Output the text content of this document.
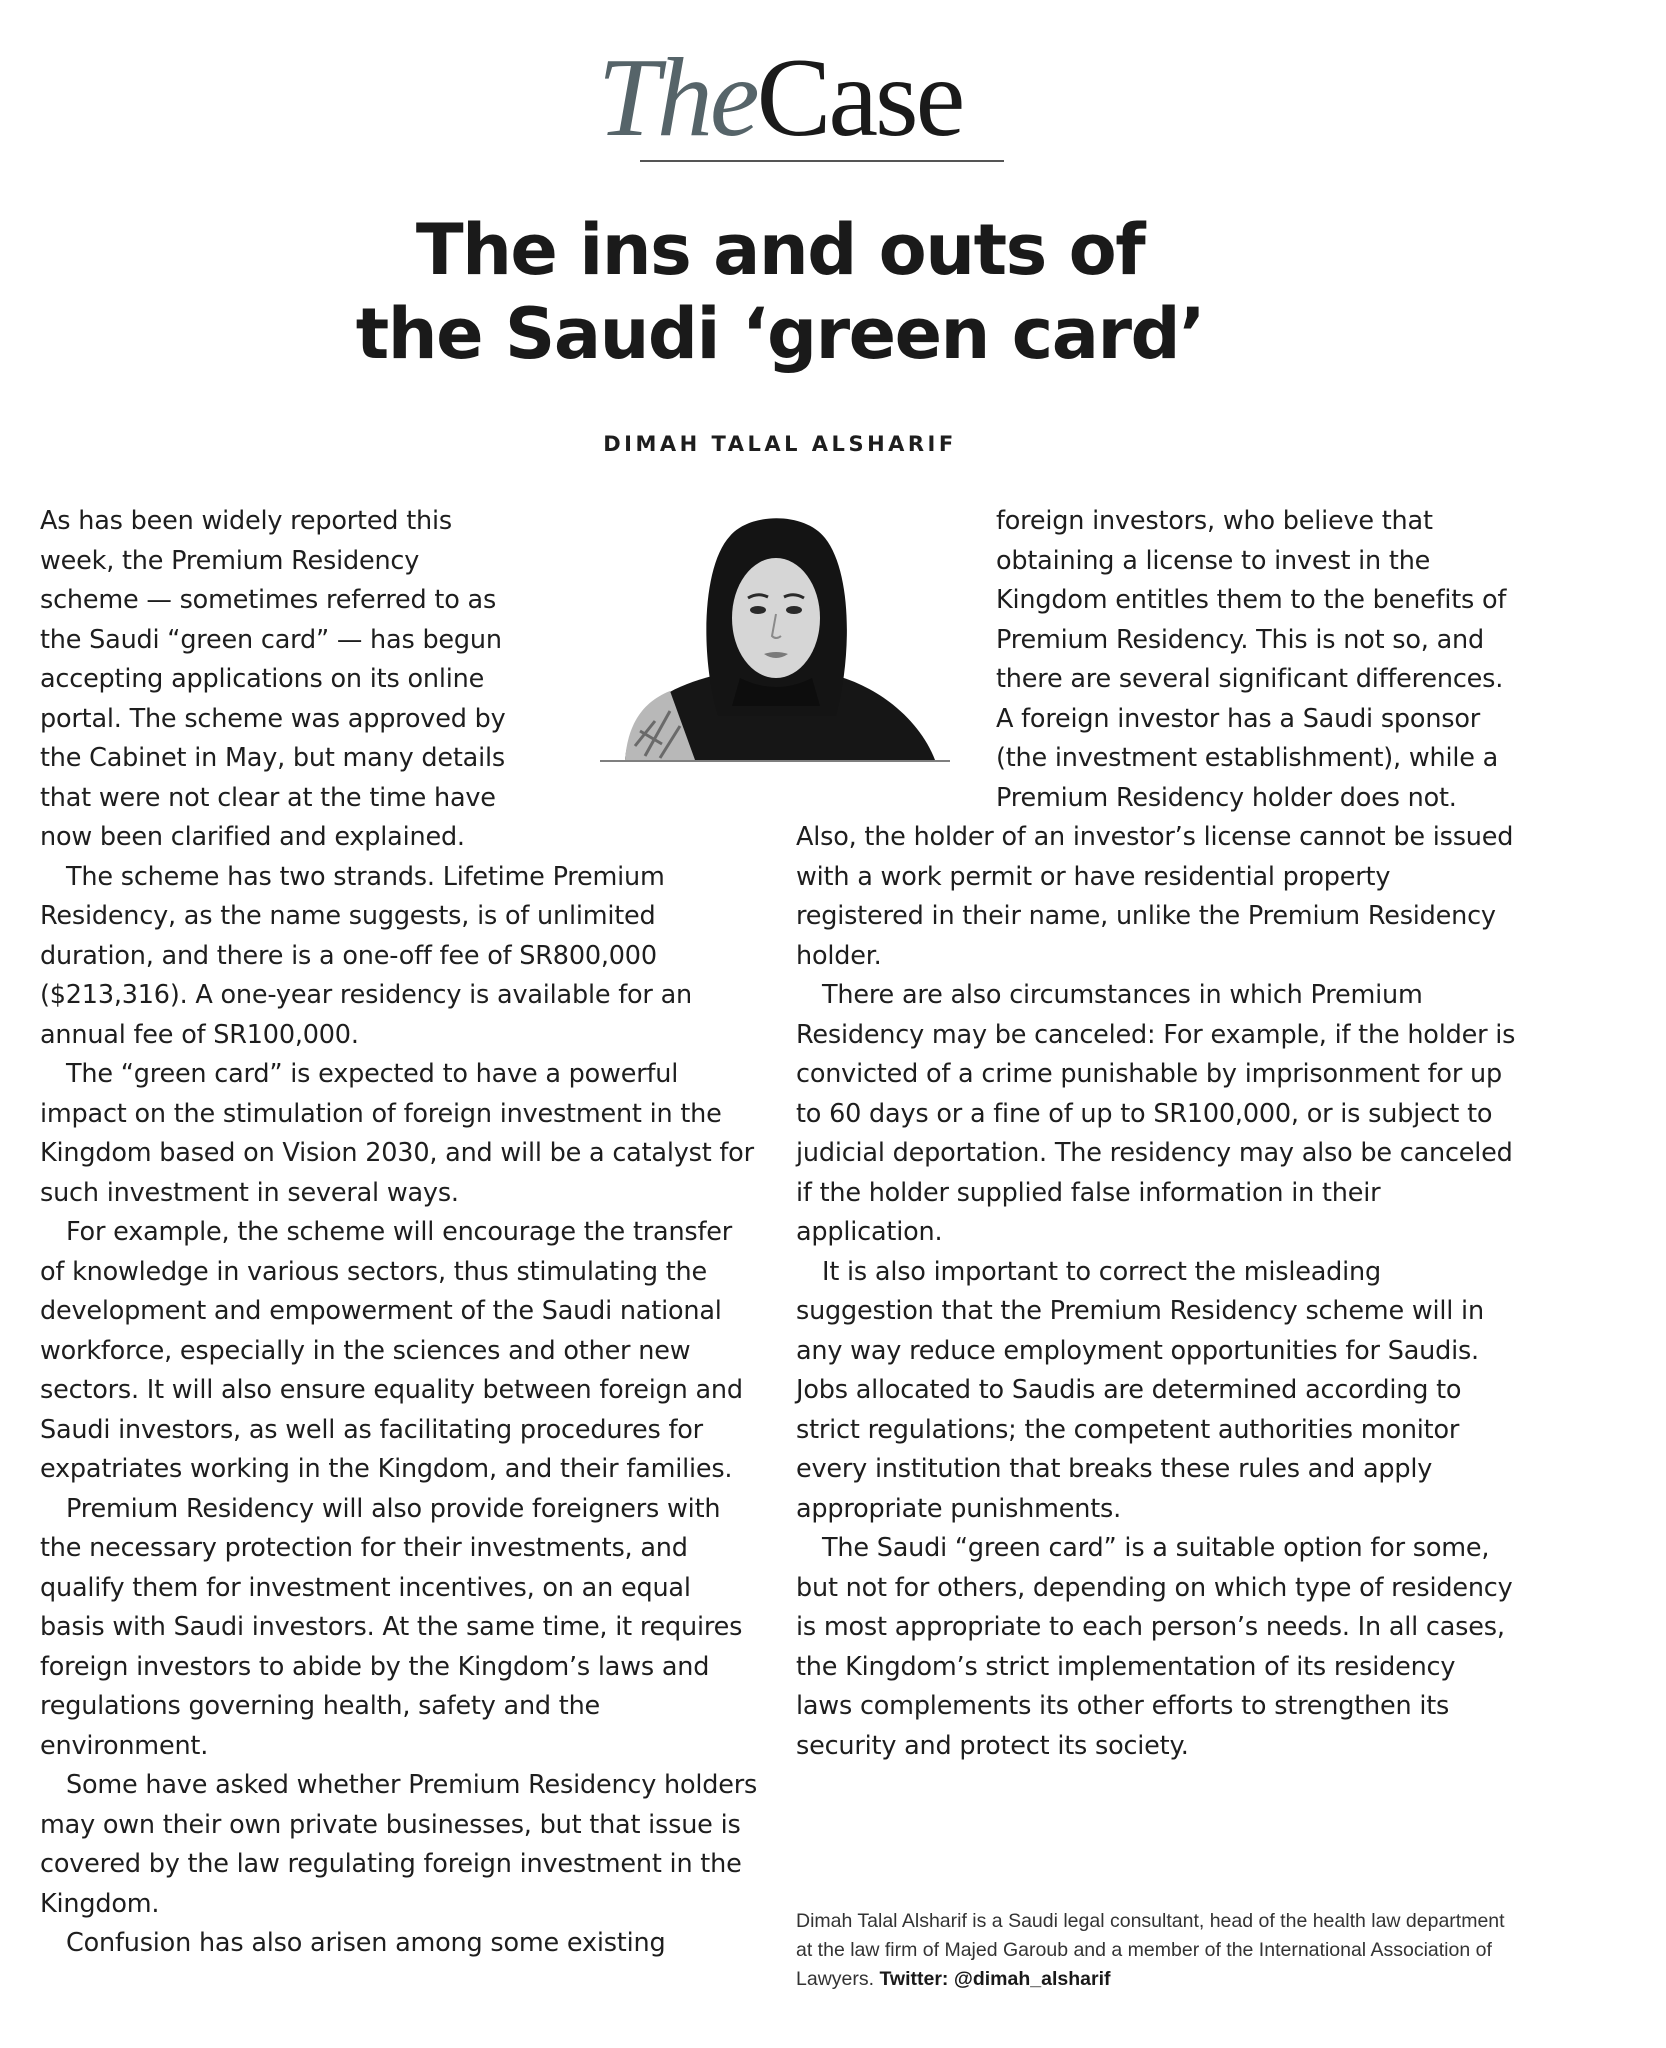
TheCase
The ins and outs of
the Saudi ‘green card’
DIMAH TALAL ALSHARIF

As has been widely reported this week, the Premium Residency scheme — sometimes referred to as the Saudi “green card” — has begun accepting applications on its online portal. The scheme was approved by the Cabinet in May, but many details that were not clear at the time have now been clarified and explained.

The scheme has two strands. Lifetime Premium Residency, as the name suggests, is of unlimited duration, and there is a one-off fee of SR800,000 ($213,316). A one-year residency is available for an annual fee of SR100,000.

The “green card” is expected to have a powerful impact on the stimulation of foreign investment in the Kingdom based on Vision 2030, and will be a catalyst for such investment in several ways.

For example, the scheme will encourage the transfer of knowledge in various sectors, thus stimulating the development and empowerment of the Saudi national workforce, especially in the sciences and other new sectors. It will also ensure equality between foreign and Saudi investors, as well as facilitating procedures for expatriates working in the Kingdom, and their families.

Premium Residency will also provide foreigners with the necessary protection for their investments, and qualify them for investment incentives, on an equal basis with Saudi investors. At the same time, it requires foreign investors to abide by the Kingdom’s laws and regulations governing health, safety and the environment.

Some have asked whether Premium Residency holders may own their own private businesses, but that issue is covered by the law regulating foreign investment in the Kingdom.

Confusion has also arisen among some existing

foreign investors, who believe that obtaining a license to invest in the Kingdom entitles them to the benefits of Premium Residency. This is not so, and there are several significant differences. A foreign investor has a Saudi sponsor (the investment establishment), while a Premium Residency holder does not. Also, the holder of an investor’s license cannot be issued with a work permit or have residential property registered in their name, unlike the Premium Residency holder.

There are also circumstances in which Premium Residency may be canceled: For example, if the holder is convicted of a crime punishable by imprisonment for up to 60 days or a fine of up to SR100,000, or is subject to judicial deportation. The residency may also be canceled if the holder supplied false information in their application.

It is also important to correct the misleading suggestion that the Premium Residency scheme will in any way reduce employment opportunities for Saudis. Jobs allocated to Saudis are determined according to strict regulations; the competent authorities monitor every institution that breaks these rules and apply appropriate punishments.

The Saudi “green card” is a suitable option for some, but not for others, depending on which type of residency is most appropriate to each person’s needs. In all cases, the Kingdom’s strict implementation of its residency laws complements its other efforts to strengthen its security and protect its society.

Dimah Talal Alsharif is a Saudi legal consultant, head of the health law department at the law firm of Majed Garoub and a member of the International Association of Lawyers. Twitter: @dimah_alsharif
